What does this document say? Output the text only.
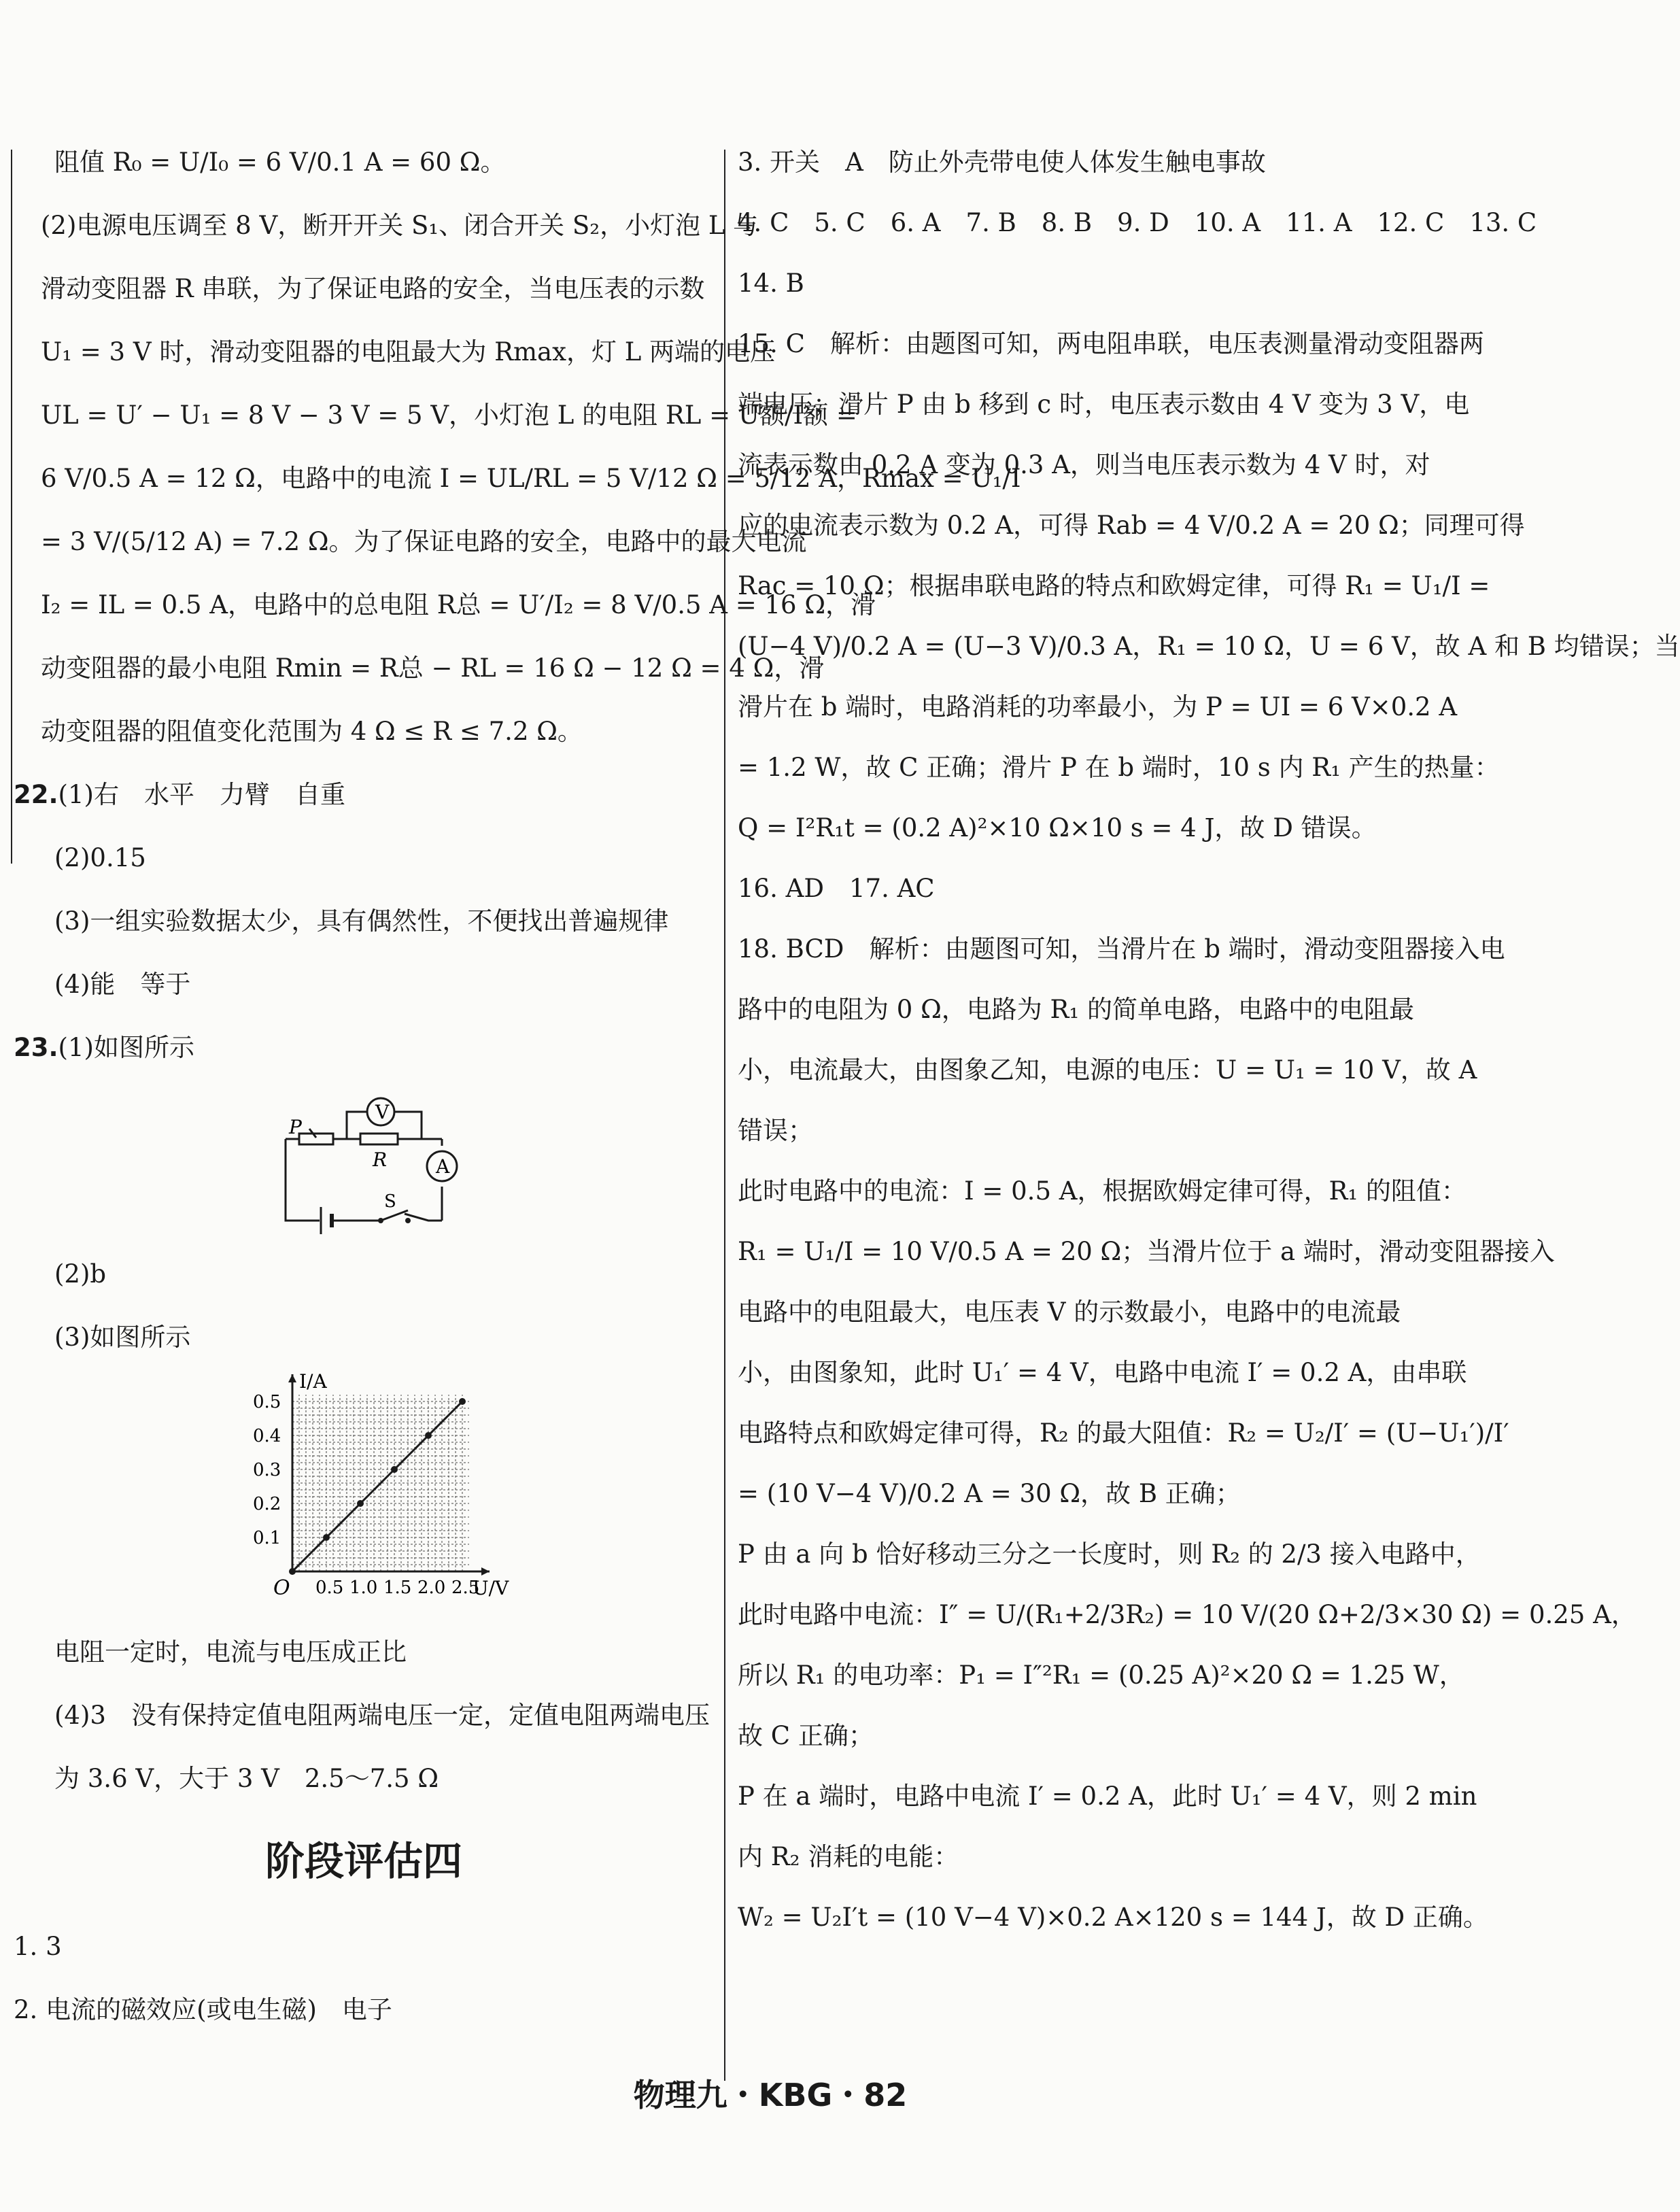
阻值 R₀ = U/I₀ = 6 V/0.1 A = 60 Ω。
(2)电源电压调至 8 V，断开开关 S₁、闭合开关 S₂，小灯泡 L 与
滑动变阻器 R 串联，为了保证电路的安全，当电压表的示数
U₁ = 3 V 时，滑动变阻器的电阻最大为 Rmax，灯 L 两端的电压
UL = U′ − U₁ = 8 V − 3 V = 5 V，小灯泡 L 的电阻 RL = U额/I额 =
6 V/0.5 A = 12 Ω，电路中的电流 I = UL/RL = 5 V/12 Ω = 5/12 A，Rmax = U₁/I
= 3 V/(5/12 A) = 7.2 Ω。为了保证电路的安全，电路中的最大电流
I₂ = IL = 0.5 A，电路中的总电阻 R总 = U′/I₂ = 8 V/0.5 A = 16 Ω，滑
动变阻器的最小电阻 Rmin = R总 − RL = 16 Ω − 12 Ω = 4 Ω，滑
动变阻器的阻值变化范围为 4 Ω ≤ R ≤ 7.2 Ω。
22.(1)右　水平　力臂　自重
(2)0.15
(3)一组实验数据太少，具有偶然性，不便找出普遍规律
(4)能　等于
23.(1)如图所示
V
A
P
R
S
(2)b
(3)如图所示
0.5 1.0 1.5 2.0 2.5
0.1
0.2
0.3
0.4
0.5
O	U/V
I/A
电阻一定时，电流与电压成正比
(4)3　没有保持定值电阻两端电压一定，定值电阻两端电压
为 3.6 V，大于 3 V　2.5～7.5 Ω
阶段评估四
1. 3
2. 电流的磁效应(或电生磁)　电子
3. 开关　A　防止外壳带电使人体发生触电事故
4. C　5. C　6. A　7. B　8. B　9. D　10. A　11. A　12. C　13. C
14. B
15. C　解析：由题图可知，两电阻串联，电压表测量滑动变阻器两
端电压；滑片 P 由 b 移到 c 时，电压表示数由 4 V 变为 3 V，电
流表示数由 0.2 A 变为 0.3 A，则当电压表示数为 4 V 时，对
应的电流表示数为 0.2 A，可得 Rab = 4 V/0.2 A = 20 Ω；同理可得
Rac = 10 Ω；根据串联电路的特点和欧姆定律，可得 R₁ = U₁/I =
(U−4 V)/0.2 A = (U−3 V)/0.3 A，R₁ = 10 Ω，U = 6 V，故 A 和 B 均错误；当
滑片在 b 端时，电路消耗的功率最小，为 P = UI = 6 V×0.2 A
= 1.2 W，故 C 正确；滑片 P 在 b 端时，10 s 内 R₁ 产生的热量：
Q = I²R₁t = (0.2 A)²×10 Ω×10 s = 4 J，故 D 错误。
16. AD　17. AC
18. BCD　解析：由题图可知，当滑片在 b 端时，滑动变阻器接入电
路中的电阻为 0 Ω，电路为 R₁ 的简单电路，电路中的电阻最
小，电流最大，由图象乙知，电源的电压：U = U₁ = 10 V，故 A
错误；
此时电路中的电流：I = 0.5 A，根据欧姆定律可得，R₁ 的阻值：
R₁ = U₁/I = 10 V/0.5 A = 20 Ω；当滑片位于 a 端时，滑动变阻器接入
电路中的电阻最大，电压表 V 的示数最小，电路中的电流最
小，由图象知，此时 U₁′ = 4 V，电路中电流 I′ = 0.2 A，由串联
电路特点和欧姆定律可得，R₂ 的最大阻值：R₂ = U₂/I′ = (U−U₁′)/I′
= (10 V−4 V)/0.2 A = 30 Ω，故 B 正确；
P 由 a 向 b 恰好移动三分之一长度时，则 R₂ 的 2/3 接入电路中，
此时电路中电流：I″ = U/(R₁+2/3R₂) = 10 V/(20 Ω+2/3×30 Ω) = 0.25 A，
所以 R₁ 的电功率：P₁ = I″²R₁ = (0.25 A)²×20 Ω = 1.25 W，
故 C 正确；
P 在 a 端时，电路中电流 I′ = 0.2 A，此时 U₁′ = 4 V，则 2 min
内 R₂ 消耗的电能：
W₂ = U₂I′t = (10 V−4 V)×0.2 A×120 s = 144 J，故 D 正确。
物理九・KBG・82
